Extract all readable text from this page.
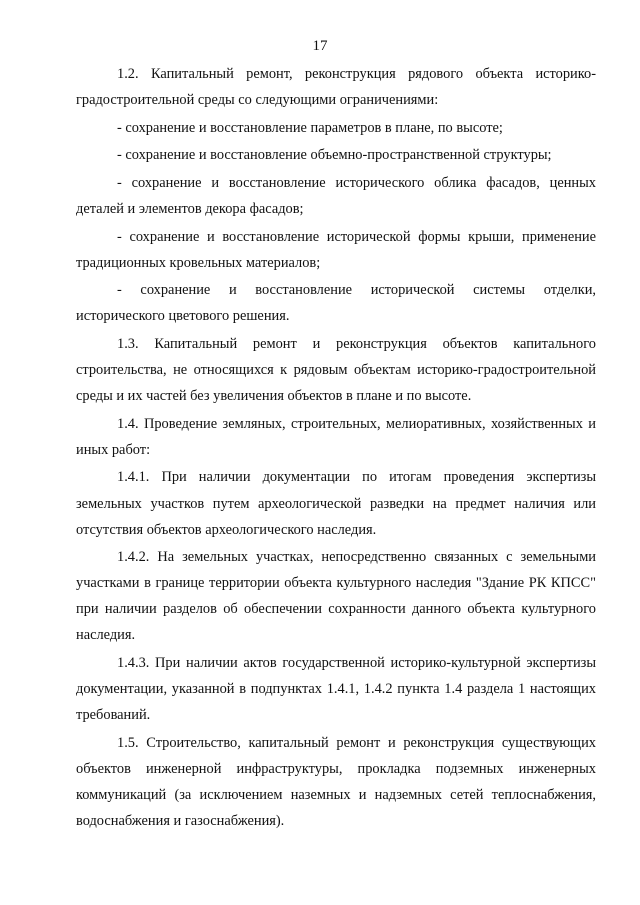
17

1.2. Капитальный ремонт, реконструкция рядового объекта историко-градостроительной среды со следующими ограничениями:

- сохранение и восстановление параметров в плане, по высоте;

- сохранение и восстановление объемно-пространственной структуры;

- сохранение и восстановление исторического облика фасадов, ценных деталей и элементов декора фасадов;

- сохранение и восстановление исторической формы крыши, применение традиционных кровельных материалов;

- сохранение и восстановление исторической системы отделки, исторического цветового решения.

1.3. Капитальный ремонт и реконструкция объектов капитального строительства, не относящихся к рядовым объектам историко-градостроительной среды и их частей без увеличения объектов в плане и по высоте.

1.4. Проведение земляных, строительных, мелиоративных, хозяйственных и иных работ:

1.4.1. При наличии документации по итогам проведения экспертизы земельных участков путем археологической разведки на предмет наличия или отсутствия объектов археологического наследия.

1.4.2. На земельных участках, непосредственно связанных с земельными участками в границе территории объекта культурного наследия "Здание РК КПСС" при наличии разделов об обеспечении сохранности данного объекта культурного наследия.

1.4.3. При наличии актов государственной историко-культурной экспертизы документации, указанной в подпунктах 1.4.1, 1.4.2 пункта 1.4 раздела 1 настоящих требований.

1.5. Строительство, капитальный ремонт и реконструкция существующих объектов инженерной инфраструктуры, прокладка подземных инженерных коммуникаций (за исключением наземных и надземных сетей теплоснабжения, водоснабжения и газоснабжения).
